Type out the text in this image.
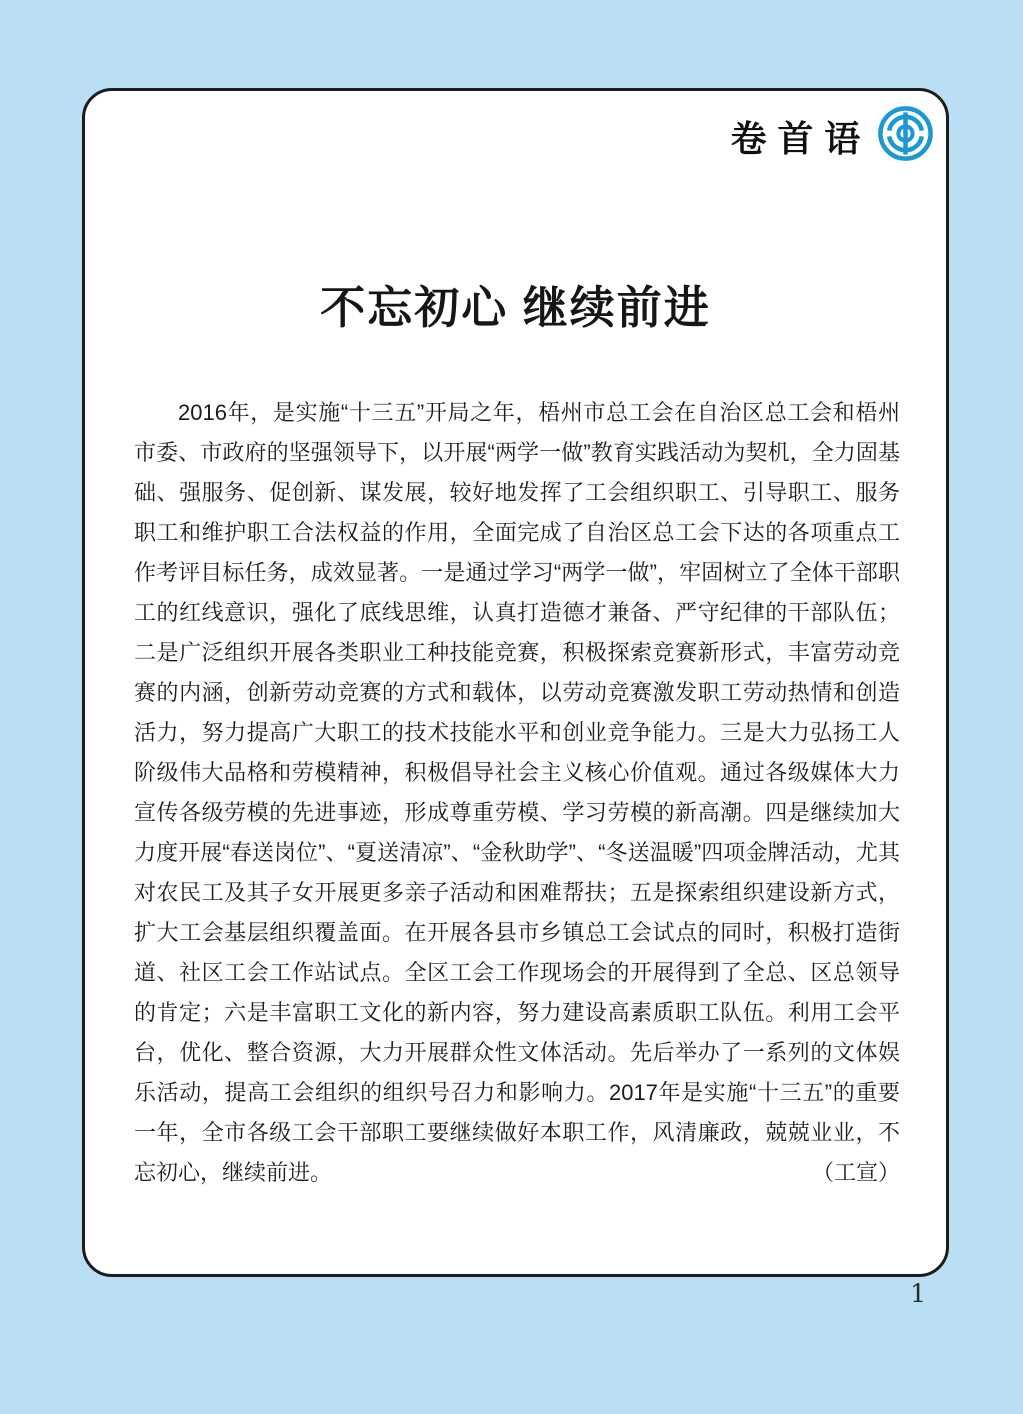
卷首语
不忘初心 继续前进

2016年，是实施“十三五”开局之年，梧州市总工会在自治区总工会和梧州市委、市政府的坚强领导下，以开展“两学一做”教育实践活动为契机，全力固基础、强服务、促创新、谋发展，较好地发挥了工会组织职工、引导职工、服务职工和维护职工合法权益的作用，全面完成了自治区总工会下达的各项重点工作考评目标任务，成效显著。一是通过学习“两学一做”，牢固树立了全体干部职工的红线意识，强化了底线思维，认真打造德才兼备、严守纪律的干部队伍；二是广泛组织开展各类职业工种技能竞赛，积极探索竞赛新形式，丰富劳动竞赛的内涵，创新劳动竞赛的方式和载体，以劳动竞赛激发职工劳动热情和创造活力，努力提高广大职工的技术技能水平和创业竞争能力。三是大力弘扬工人阶级伟大品格和劳模精神，积极倡导社会主义核心价值观。通过各级媒体大力宣传各级劳模的先进事迹，形成尊重劳模、学习劳模的新高潮。四是继续加大力度开展“春送岗位”、“夏送清凉”、“金秋助学”、“冬送温暖”四项金牌活动，尤其对农民工及其子女开展更多亲子活动和困难帮扶；五是探索组织建设新方式，扩大工会基层组织覆盖面。在开展各县市乡镇总工会试点的同时，积极打造街道、社区工会工作站试点。全区工会工作现场会的开展得到了全总、区总领导的肯定；六是丰富职工文化的新内容，努力建设高素质职工队伍。利用工会平台，优化、整合资源，大力开展群众性文体活动。先后举办了一系列的文体娱乐活动，提高工会组织的组织号召力和影响力。2017年是实施“十三五”的重要一年，全市各级工会干部职工要继续做好本职工作，风清廉政，兢兢业业，不忘初心，继续前进。	（工宣）

1
